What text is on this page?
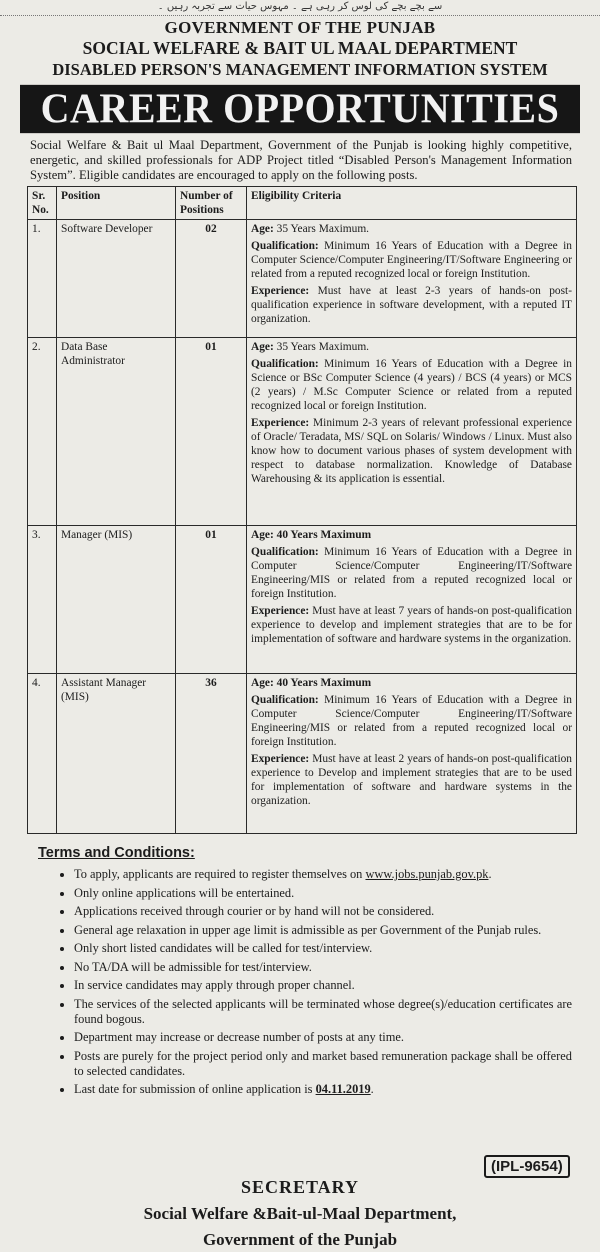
سے بچے بچے کی لوس کر رہی ہے ۔ مہوس حیات سے تجربہ رہیں ۔
GOVERNMENT OF THE PUNJAB
SOCIAL WELFARE & BAIT UL MAAL DEPARTMENT
DISABLED PERSON'S MANAGEMENT INFORMATION SYSTEM
CAREER OPPORTUNITIES
Social Welfare & Bait ul Maal Department, Government of the Punjab is looking highly competitive, energetic, and skilled professionals for ADP Project titled “Disabled Person's Management Information System”. Eligible candidates are encouraged to apply on the following posts.
Sr. No.	Position	Number of Positions	Eligibility Criteria
1.	Software Developer	02	Age: 35 Years Maximum.

Qualification: Minimum 16 Years of Education with a Degree in Computer Science/Computer Engineering/IT/Software Engineering or related from a reputed recognized local or foreign Institution.

Experience: Must have at least 2-3 years of hands-on post-qualification experience in software development, with a reputed IT organization.

2.	Data Base Administrator	01	Age: 35 Years Maximum.

Qualification: Minimum 16 Years of Education with a Degree in Science or BSc Computer Science (4 years) / BCS (4 years) or MCS (2 years) / M.Sc Computer Science or related from a reputed recognized local or foreign Institution.

Experience: Minimum 2-3 years of relevant professional experience of Oracle/ Teradata, MS/ SQL on Solaris/ Windows / Linux. Must also know how to document various phases of system development with respect to database normalization. Knowledge of Database Warehousing & its application is essential.

3.	Manager (MIS)	01	Age: 40 Years Maximum

Qualification: Minimum 16 Years of Education with a Degree in Computer Science/Computer Engineering/IT/Software Engineering/MIS or related from a reputed recognized local or foreign Institution.

Experience: Must have at least 7 years of hands-on post-qualification experience to develop and implement strategies that are to be for implementation of software and hardware systems in the organization.

4.	Assistant Manager (MIS)	36	Age: 40 Years Maximum

Qualification: Minimum 16 Years of Education with a Degree in Computer Science/Computer Engineering/IT/Software Engineering/MIS or related from a reputed recognized local or foreign Institution.

Experience: Must have at least 2 years of hands-on post-qualification experience to Develop and implement strategies that are to be used for implementation of software and hardware systems in the organization.

Terms and Conditions:
• To apply, applicants are required to register themselves on www.jobs.punjab.gov.pk.
• Only online applications will be entertained.
• Applications received through courier or by hand will not be considered.
• General age relaxation in upper age limit is admissible as per Government of the Punjab rules.
• Only short listed candidates will be called for test/interview.
• No TA/DA will be admissible for test/interview.
• In service candidates may apply through proper channel.
• The services of the selected applicants will be terminated whose degree(s)/education certificates are found bogous.
• Department may increase or decrease number of posts at any time.
• Posts are purely for the project period only and market based remuneration package shall be offered to selected candidates.
• Last date for submission of online application is 04.11.2019.
(IPL-9654)
SECRETARY
Social Welfare &Bait-ul-Maal Department,
Government of the Punjab
